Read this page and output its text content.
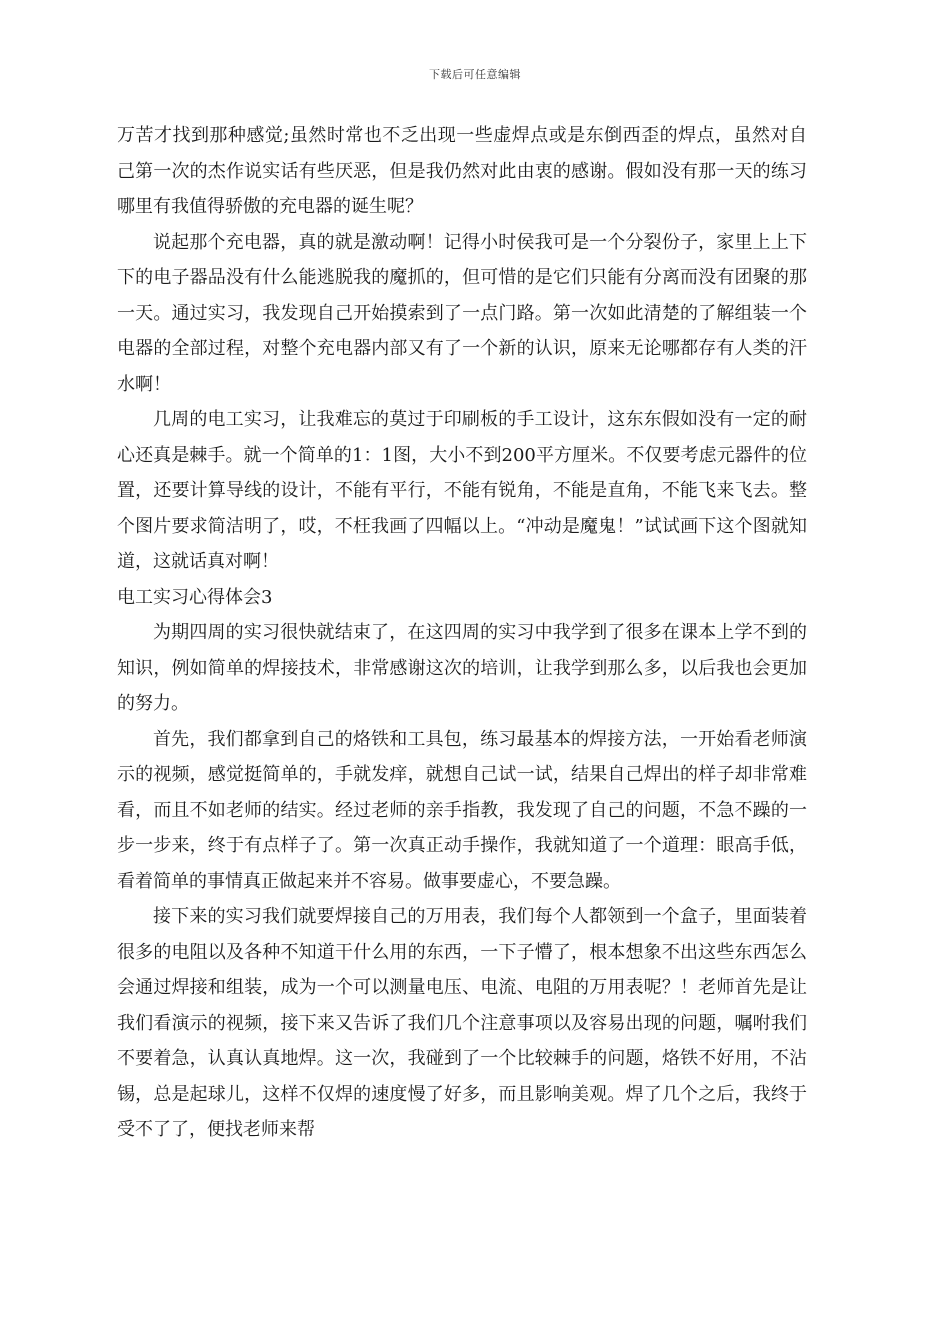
下载后可任意编辑

万苦才找到那种感觉;虽然时常也不乏出现一些虚焊点或是东倒西歪的焊点，虽然对自己第一次的杰作说实话有些厌恶，但是我仍然对此由衷的感谢。假如没有那一天的练习哪里有我值得骄傲的充电器的诞生呢？

说起那个充电器，真的就是激动啊！记得小时侯我可是一个分裂份子，家里上上下下的电子器品没有什么能逃脱我的魔抓的，但可惜的是它们只能有分离而没有团聚的那一天。通过实习，我发现自己开始摸索到了一点门路。第一次如此清楚的了解组装一个电器的全部过程，对整个充电器内部又有了一个新的认识，原来无论哪都存有人类的汗水啊！

几周的电工实习，让我难忘的莫过于印刷板的手工设计，这东东假如没有一定的耐心还真是棘手。就一个简单的1：1图，大小不到200平方厘米。不仅要考虑元器件的位置，还要计算导线的设计，不能有平行，不能有锐角，不能是直角，不能飞来飞去。整个图片要求简洁明了，哎，不枉我画了四幅以上。“冲动是魔鬼！”试试画下这个图就知道，这就话真对啊！

电工实习心得体会3

为期四周的实习很快就结束了，在这四周的实习中我学到了很多在课本上学不到的知识，例如简单的焊接技术，非常感谢这次的培训，让我学到那么多，以后我也会更加的努力。

首先，我们都拿到自己的烙铁和工具包，练习最基本的焊接方法，一开始看老师演示的视频，感觉挺简单的，手就发痒，就想自己试一试，结果自己焊出的样子却非常难看，而且不如老师的结实。经过老师的亲手指教，我发现了自己的问题，不急不躁的一步一步来，终于有点样子了。第一次真正动手操作，我就知道了一个道理：眼高手低，看着简单的事情真正做起来并不容易。做事要虚心，不要急躁。

接下来的实习我们就要焊接自己的万用表，我们每个人都领到一个盒子，里面装着很多的电阻以及各种不知道干什么用的东西，一下子懵了，根本想象不出这些东西怎么会通过焊接和组装，成为一个可以测量电压、电流、电阻的万用表呢？！老师首先是让我们看演示的视频，接下来又告诉了我们几个注意事项以及容易出现的问题，嘱咐我们不要着急，认真认真地焊。这一次，我碰到了一个比较棘手的问题，烙铁不好用，不沾锡，总是起球儿，这样不仅焊的速度慢了好多，而且影响美观。焊了几个之后，我终于受不了了，便找老师来帮
